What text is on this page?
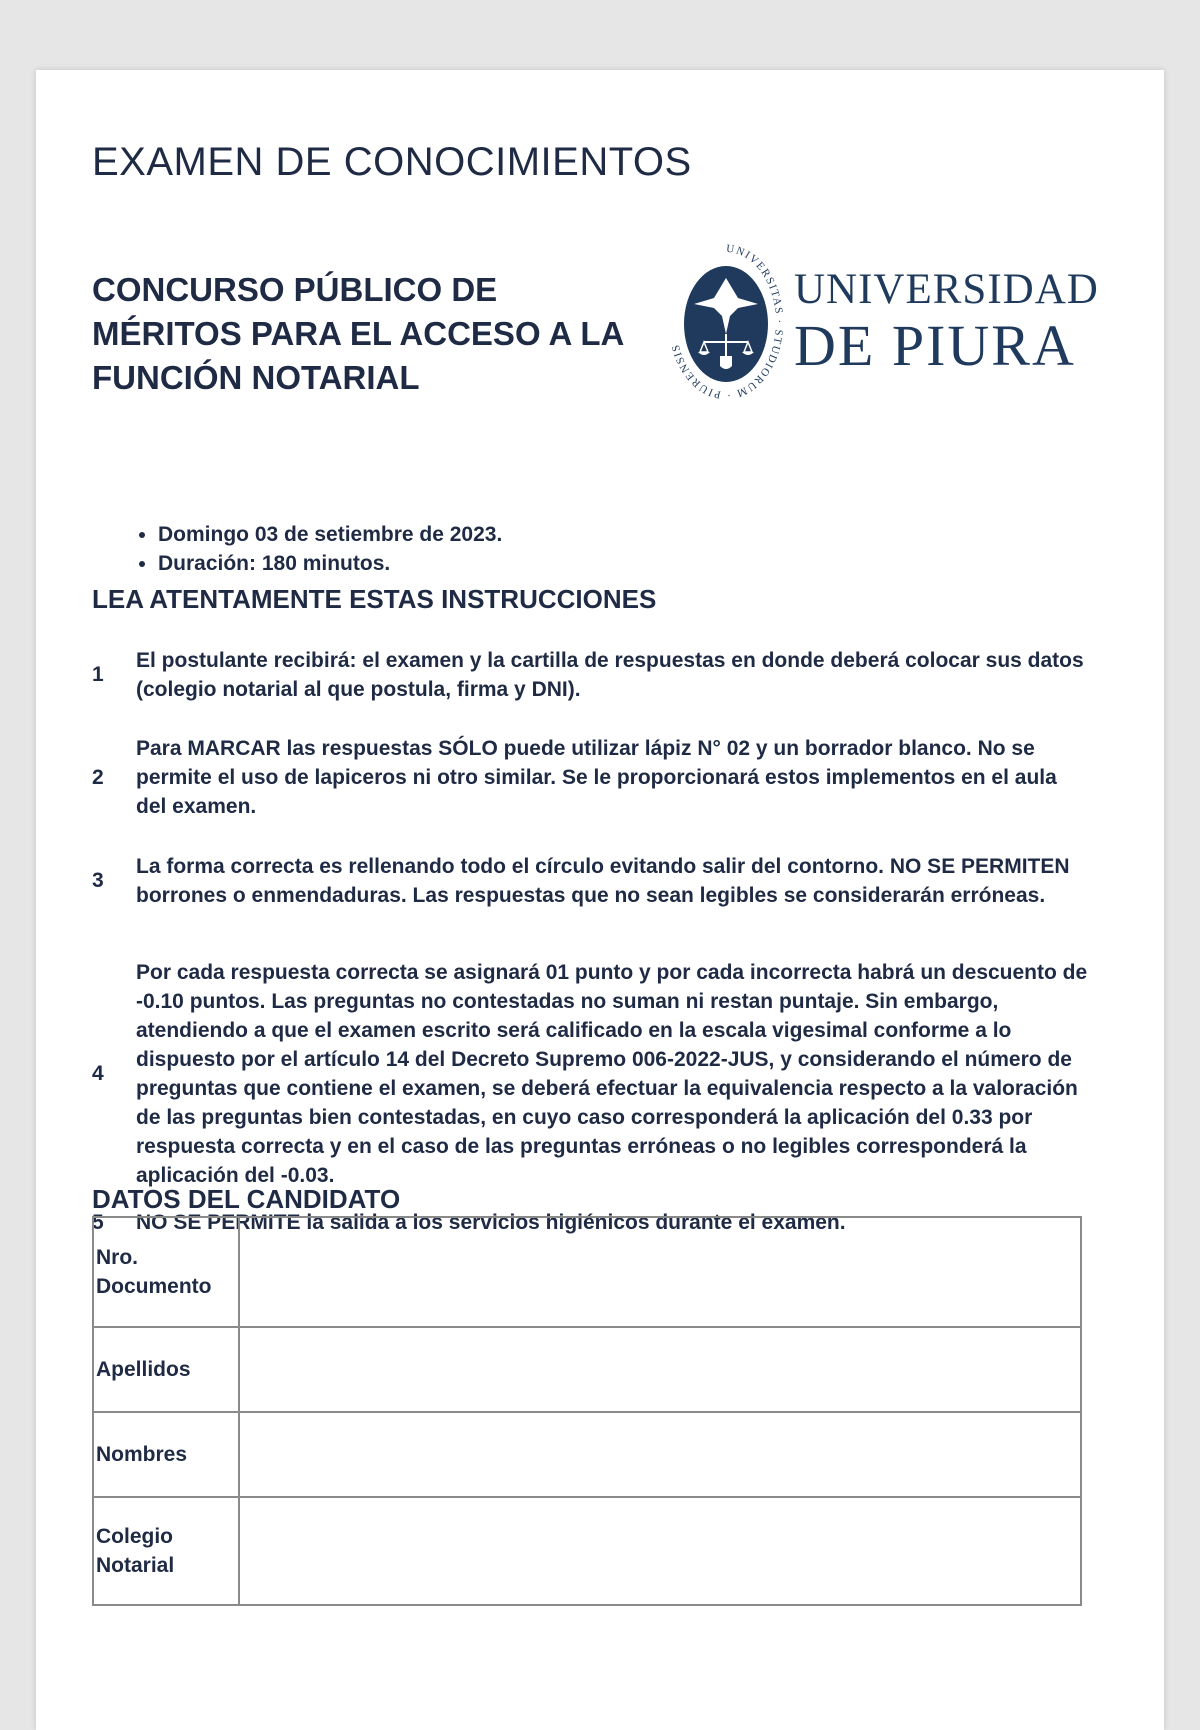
EXAMEN DE CONOCIMIENTOS
CONCURSO PÚBLICO DE
MÉRITOS PARA EL ACCESO A LA
FUNCIÓN NOTARIAL
UNIVERSITAS · STUDIORUM · PIURENSIS
UNIVERSIDAD
DE PIURA
• Domingo 03 de setiembre de 2023.
• Duración: 180 minutos.
LEA ATENTAMENTE ESTAS INSTRUCCIONES
1
El postulante recibirá: el examen y la cartilla de respuestas en donde deberá colocar sus datos (colegio notarial al que postula, firma y DNI).
2
Para MARCAR las respuestas SÓLO puede utilizar lápiz N° 02 y un borrador blanco. No se permite el uso de lapiceros ni otro similar. Se le proporcionará estos implementos en el aula del examen.
3
La forma correcta es rellenando todo el círculo evitando salir del contorno. NO SE PERMITEN borrones o enmendaduras. Las respuestas que no sean legibles se considerarán erróneas.
4
Por cada respuesta correcta se asignará 01 punto y por cada incorrecta habrá un descuento de -0.10 puntos. Las preguntas no contestadas no suman ni restan puntaje. Sin embargo, atendiendo a que el examen escrito será calificado en la escala vigesimal conforme a lo dispuesto por el artículo 14 del Decreto Supremo 006-2022-JUS, y considerando el número de preguntas que contiene el examen, se deberá efectuar la equivalencia respecto a la valoración de las preguntas bien contestadas, en cuyo caso corresponderá la aplicación del 0.33 por respuesta correcta y en el caso de las preguntas erróneas o no legibles corresponderá la aplicación del -0.03.
5	NO SE PERMITE la salida a los servicios higiénicos durante el examen.
DATOS DEL CANDIDATO
Nro. Documento	
Apellidos	
Nombres	
Colegio Notarial	
